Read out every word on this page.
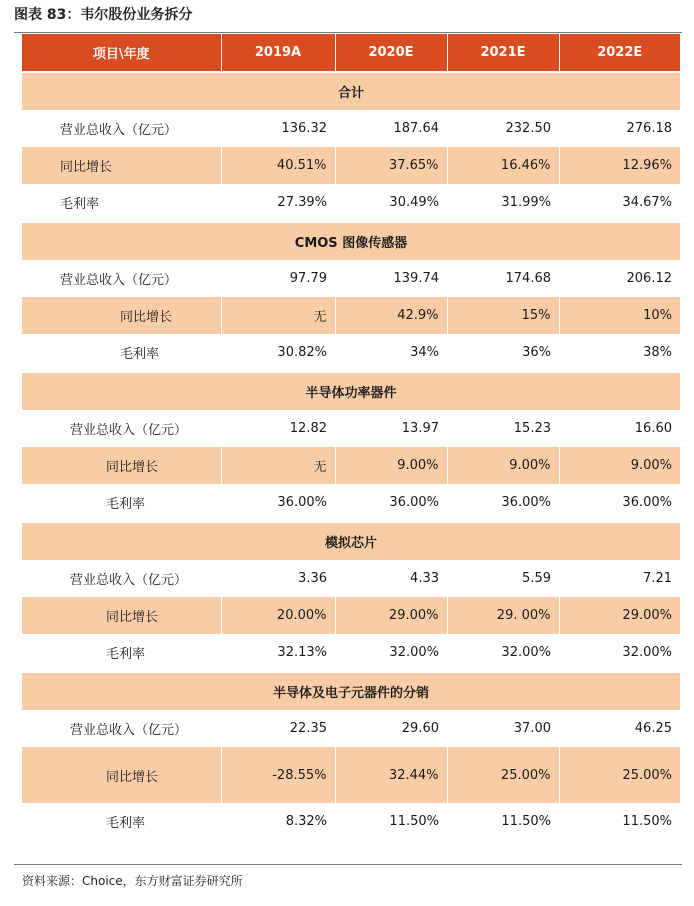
图表 83：韦尔股份业务拆分
项目\年度	2019A	2020E	2021E	2022E
合计				
营业总收入（亿元）	136.32	187.64	232.50	276.18
同比增长	40.51%	37.65%	16.46%	12.96%
毛利率	27.39%	30.49%	31.99%	34.67%
CMOS 图像传感器				
营业总收入（亿元）	97.79	139.74	174.68	206.12
同比增长	无	42.9%	15%	10%
毛利率	30.82%	34%	36%	38%
半导体功率器件				
营业总收入（亿元）	12.82	13.97	15.23	16.60
同比增长	无	9.00%	9.00%	9.00%
毛利率	36.00%	36.00%	36.00%	36.00%
模拟芯片				
营业总收入（亿元）	3.36	4.33	5.59	7.21
同比增长	20.00%	29.00%	29. 00%	29.00%
毛利率	32.13%	32.00%	32.00%	32.00%
半导体及电子元器件的分销				
营业总收入（亿元）	22.35	29.60	37.00	46.25
同比增长	-28.55%	32.44%	25.00%	25.00%
毛利率	8.32%	11.50%	11.50%	11.50%
资料来源：Choice，东方财富证券研究所
